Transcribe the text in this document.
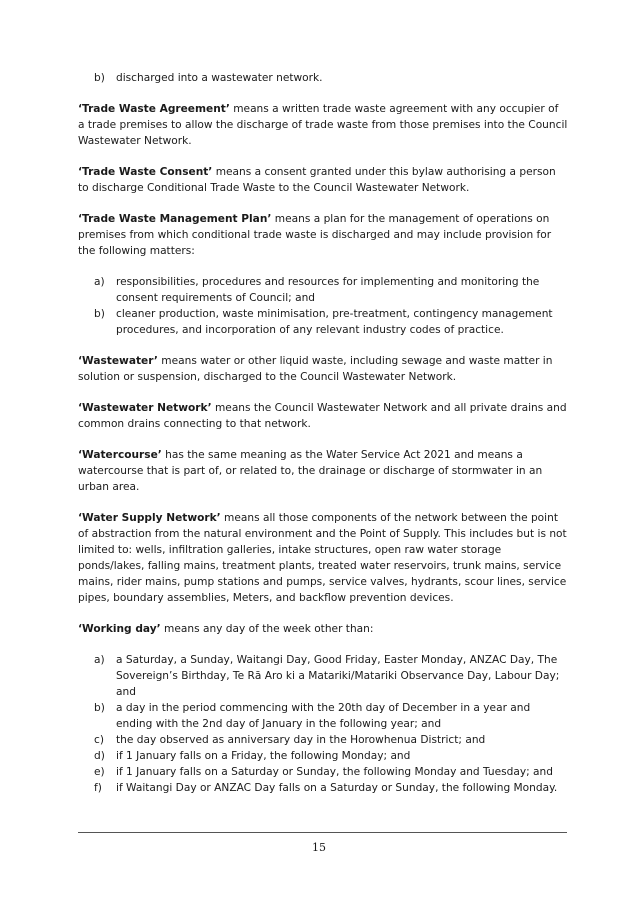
b) discharged into a wastewater network.

‘Trade Waste Agreement’ means a written trade waste agreement with any occupier of a trade premises to allow the discharge of trade waste from those premises into the Council Wastewater Network.

‘Trade Waste Consent’ means a consent granted under this bylaw authorising a person to discharge Conditional Trade Waste to the Council Wastewater Network.

‘Trade Waste Management Plan’ means a plan for the management of operations on premises from which conditional trade waste is discharged and may include provision for the following matters:

a) responsibilities, procedures and resources for implementing and monitoring the consent requirements of Council; and
b) cleaner production, waste minimisation, pre-treatment, contingency management procedures, and incorporation of any relevant industry codes of practice.

‘Wastewater’ means water or other liquid waste, including sewage and waste matter in solution or suspension, discharged to the Council Wastewater Network.

‘Wastewater Network’ means the Council Wastewater Network and all private drains and common drains connecting to that network.

‘Watercourse’ has the same meaning as the Water Service Act 2021 and means a watercourse that is part of, or related to, the drainage or discharge of stormwater in an urban area.

‘Water Supply Network’ means all those components of the network between the point of abstraction from the natural environment and the Point of Supply. This includes but is not limited to: wells, infiltration galleries, intake structures, open raw water storage ponds/lakes, falling mains, treatment plants, treated water reservoirs, trunk mains, service mains, rider mains, pump stations and pumps, service valves, hydrants, scour lines, service pipes, boundary assemblies, Meters, and backflow prevention devices.

‘Working day’ means any day of the week other than:

a) a Saturday, a Sunday, Waitangi Day, Good Friday, Easter Monday, ANZAC Day, The Sovereign’s Birthday, Te Rā Aro ki a Matariki/Matariki Observance Day, Labour Day; and
b) a day in the period commencing with the 20th day of December in a year and ending with the 2nd day of January in the following year; and
c) the day observed as anniversary day in the Horowhenua District; and
d) if 1 January falls on a Friday, the following Monday; and
e) if 1 January falls on a Saturday or Sunday, the following Monday and Tuesday; and
f) if Waitangi Day or ANZAC Day falls on a Saturday or Sunday, the following Monday.
15
